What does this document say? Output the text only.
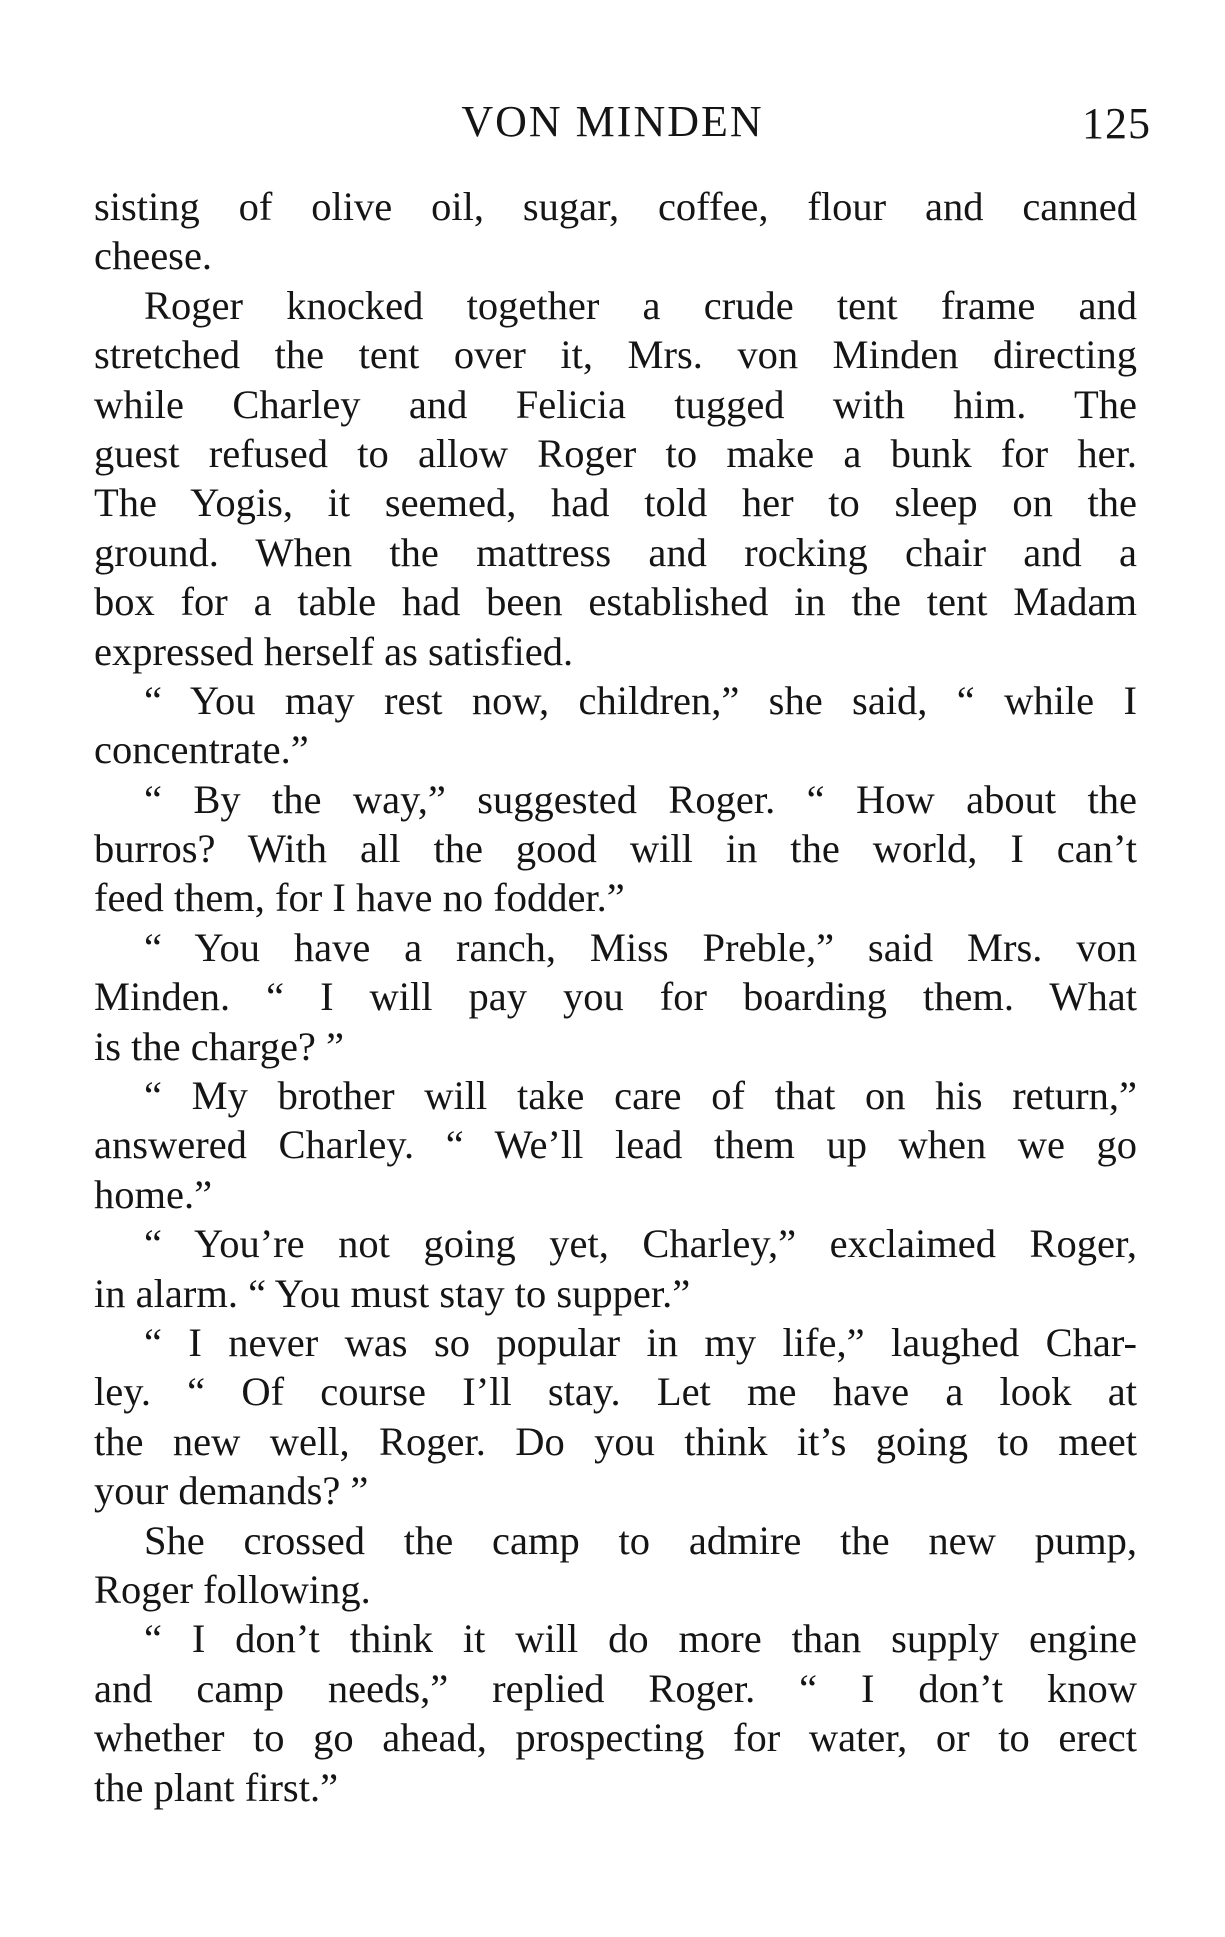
VON MINDEN	125
sisting of olive oil, sugar, coffee, flour and canned
cheese.
Roger knocked together a crude tent frame and
stretched the tent over it, Mrs. von Minden directing
while Charley and Felicia tugged with him. The
guest refused to allow Roger to make a bunk for her.
The Yogis, it seemed, had told her to sleep on the
ground. When the mattress and rocking chair and a
box for a table had been established in the tent Madam
expressed herself as satisfied.
“ You may rest now, children,” she said, “ while I
concentrate.”
“ By the way,” suggested Roger. “ How about the
burros? With all the good will in the world, I can’t
feed them, for I have no fodder.”
“ You have a ranch, Miss Preble,” said Mrs. von
Minden. “ I will pay you for boarding them. What
is the charge? ”
“ My brother will take care of that on his return,”
answered Charley. “ We’ll lead them up when we go
home.”
“ You’re not going yet, Charley,” exclaimed Roger,
in alarm. “ You must stay to supper.”
“ I never was so popular in my life,” laughed Char-
ley. “ Of course I’ll stay. Let me have a look at
the new well, Roger. Do you think it’s going to meet
your demands? ”
She crossed the camp to admire the new pump,
Roger following.
“ I don’t think it will do more than supply engine
and camp needs,” replied Roger. “ I don’t know
whether to go ahead, prospecting for water, or to erect
the plant first.”
